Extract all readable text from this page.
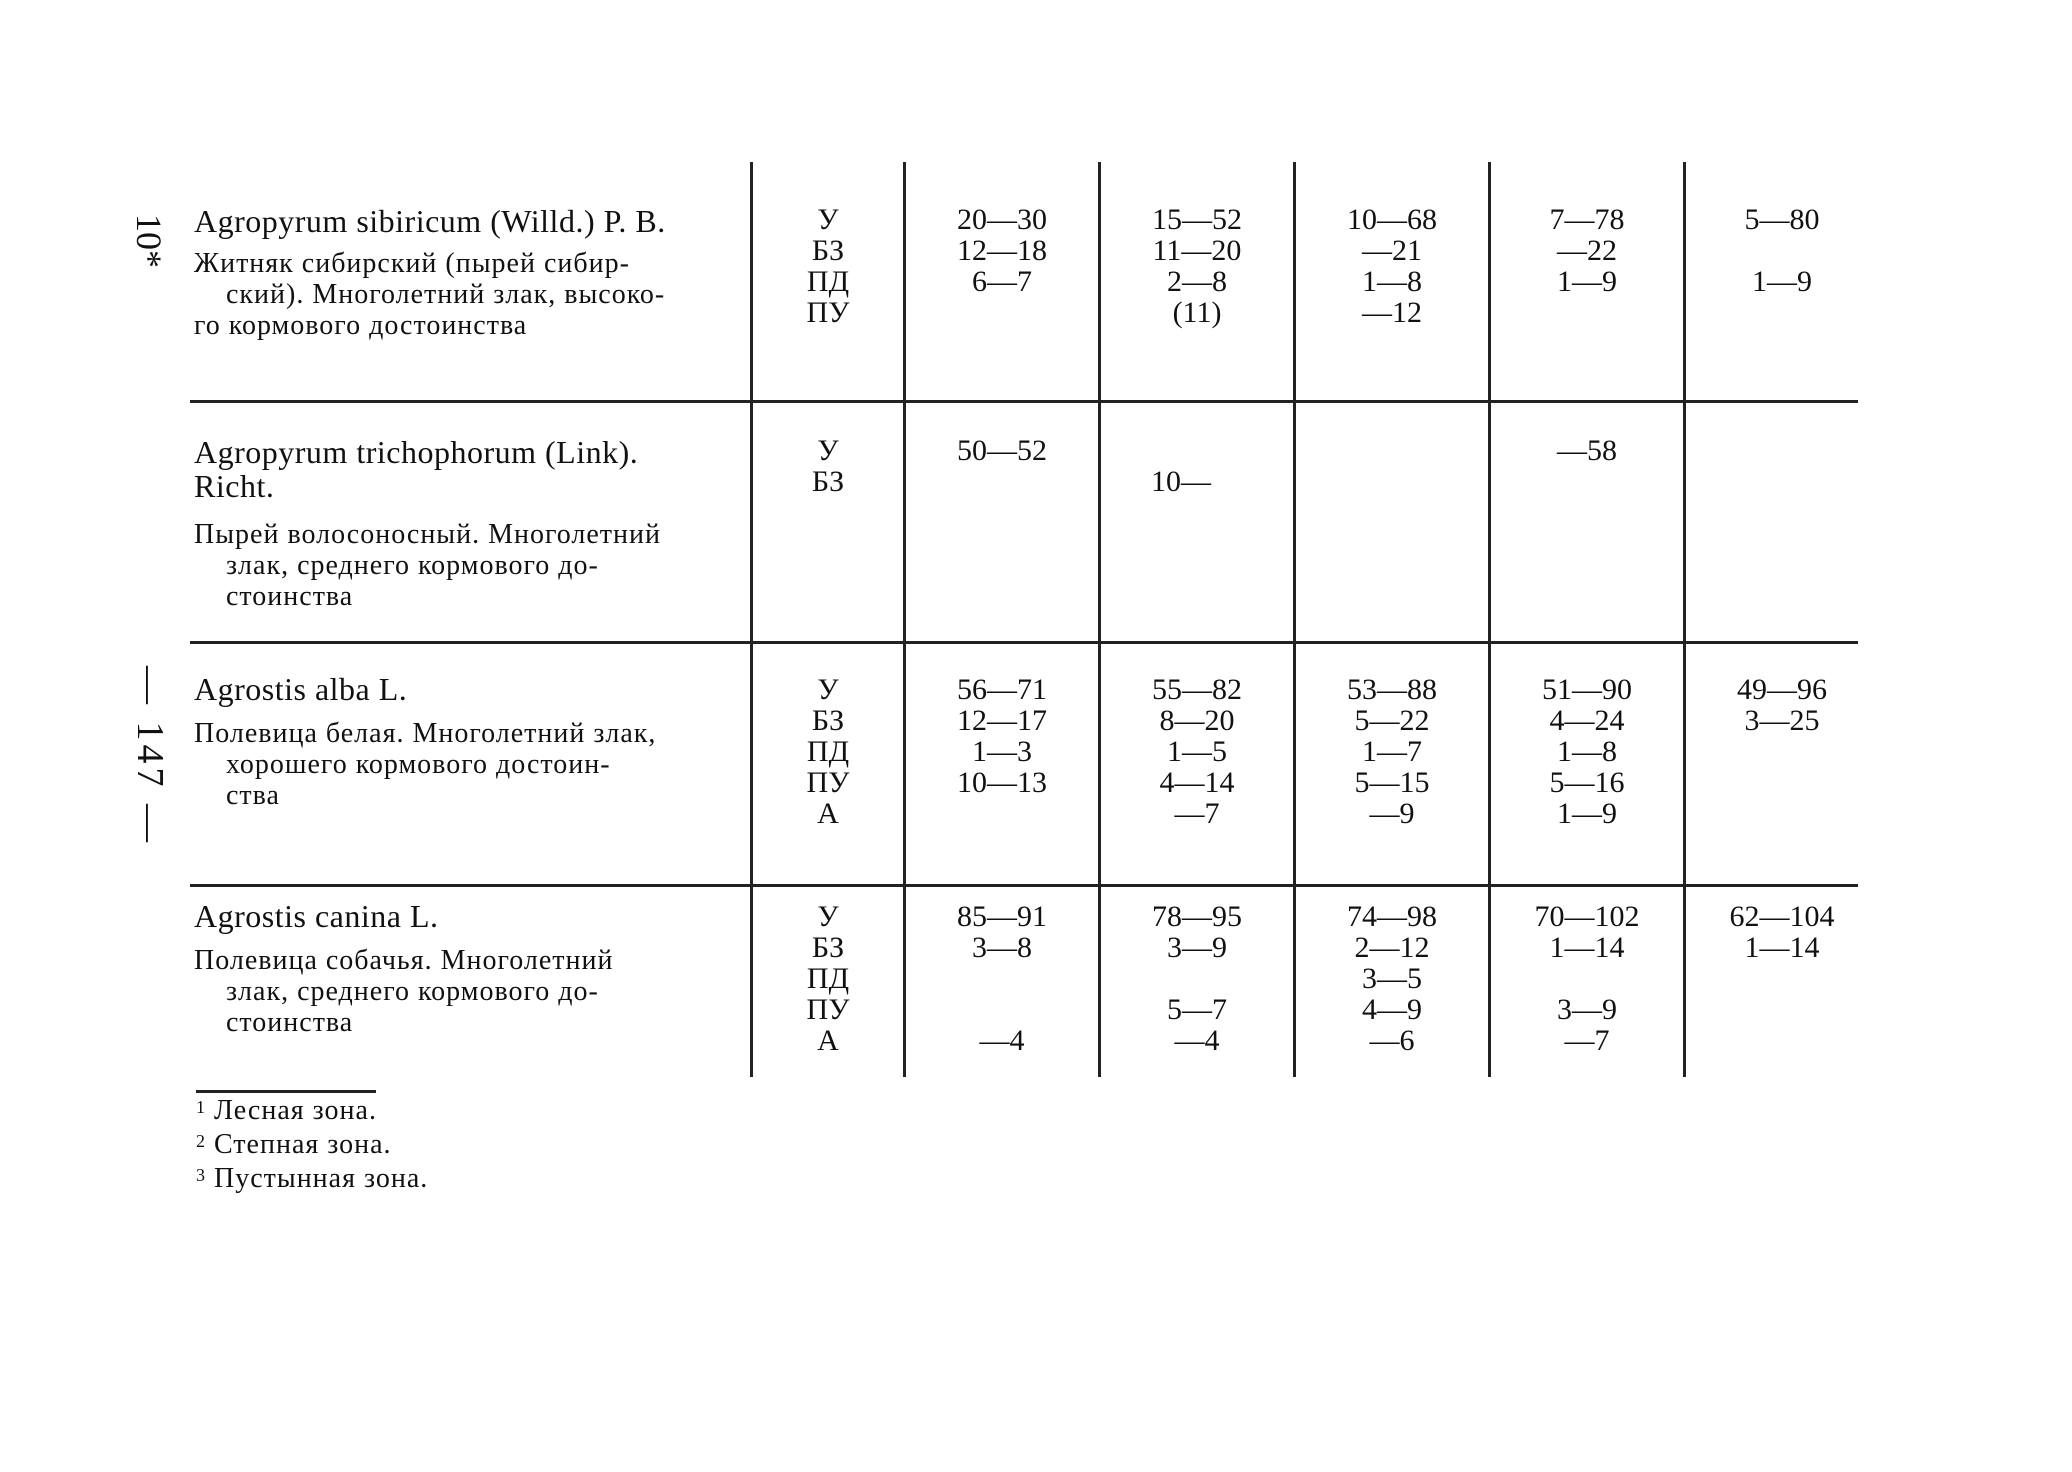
10*
— 147 —
Agropyrum sibiricum (Willd.) P. B.
Житняк сибирский (пырей сибир-
ский). Многолетний злак, высоко-
го кормового достоинства
У
БЗ
ПД
ПУ
20—30
12—18
6—7
15—52
11—20
2—8
(11)
10—68
—21
1—8
—12
7—78
—22
1—9
5—80
1—9
Agropyrum trichophorum (Link).
Richt.
Пырей волосоносный. Многолетний
злак, среднего кормового до-
стоинства
У
БЗ
50—52
10—
—58
Agrostis alba L.
Полевица белая. Многолетний злак,
хорошего кормового достоин-
ства
У
БЗ
ПД
ПУ
А
56—71
12—17
1—3
10—13
55—82
8—20
1—5
4—14
—7
53—88
5—22
1—7
5—15
—9
51—90
4—24
1—8
5—16
1—9
49—96
3—25
Agrostis canina L.
Полевица собачья. Многолетний
злак, среднего кормового до-
стоинства
У
БЗ
ПД
ПУ
А
85—91
3—8
—4
78—95
3—9
5—7
—4
74—98
2—12
3—5
4—9
—6
70—102
1—14
3—9
—7
62—104
1—14
$^1$ Лесная зона.
$^2$ Степная зона.
$^3$ Пустынная зона.
